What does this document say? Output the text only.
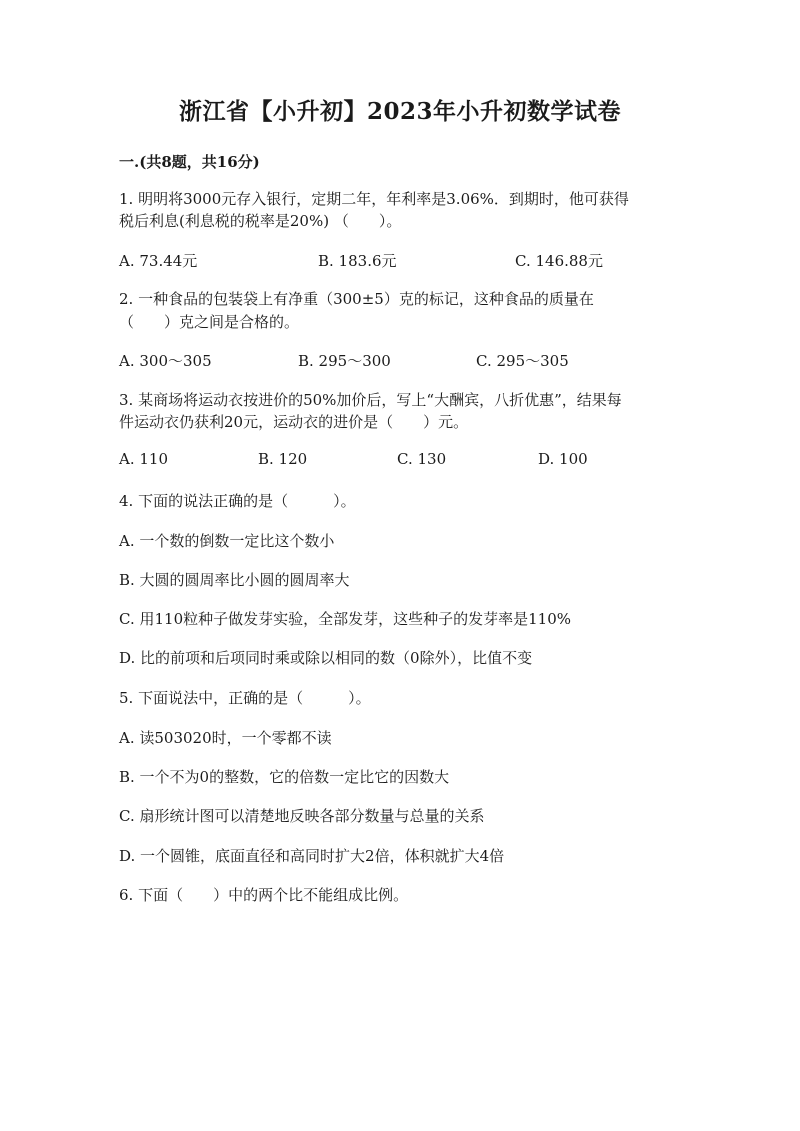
浙江省【小升初】2023年小升初数学试卷
一.(共8题，共16分)
1. 明明将3000元存入银行，定期二年，年利率是3.06%．到期时，他可获得
税后利息(利息税的税率是20%) （　　）。
A. 73.44元	B. 183.6元	C. 146.88元
2. 一种食品的包装袋上有净重（300±5）克的标记，这种食品的质量在
（　　）克之间是合格的。
A. 300～305	B. 295～300	C. 295～305
3. 某商场将运动衣按进价的50%加价后，写上“大酬宾，八折优惠”，结果每
件运动衣仍获利20元，运动衣的进价是（　　）元。
A. 110	B. 120	C. 130	D. 100
4. 下面的说法正确的是（　　　）。
A. 一个数的倒数一定比这个数小
B. 大圆的圆周率比小圆的圆周率大
C. 用110粒种子做发芽实验，全部发芽，这些种子的发芽率是110%
D. 比的前项和后项同时乘或除以相同的数（0除外），比值不变
5. 下面说法中，正确的是（　　　）。
A. 读503020时，一个零都不读
B. 一个不为0的整数，它的倍数一定比它的因数大
C. 扇形统计图可以清楚地反映各部分数量与总量的关系
D. 一个圆锥，底面直径和高同时扩大2倍，体积就扩大4倍
6. 下面（　　）中的两个比不能组成比例。
